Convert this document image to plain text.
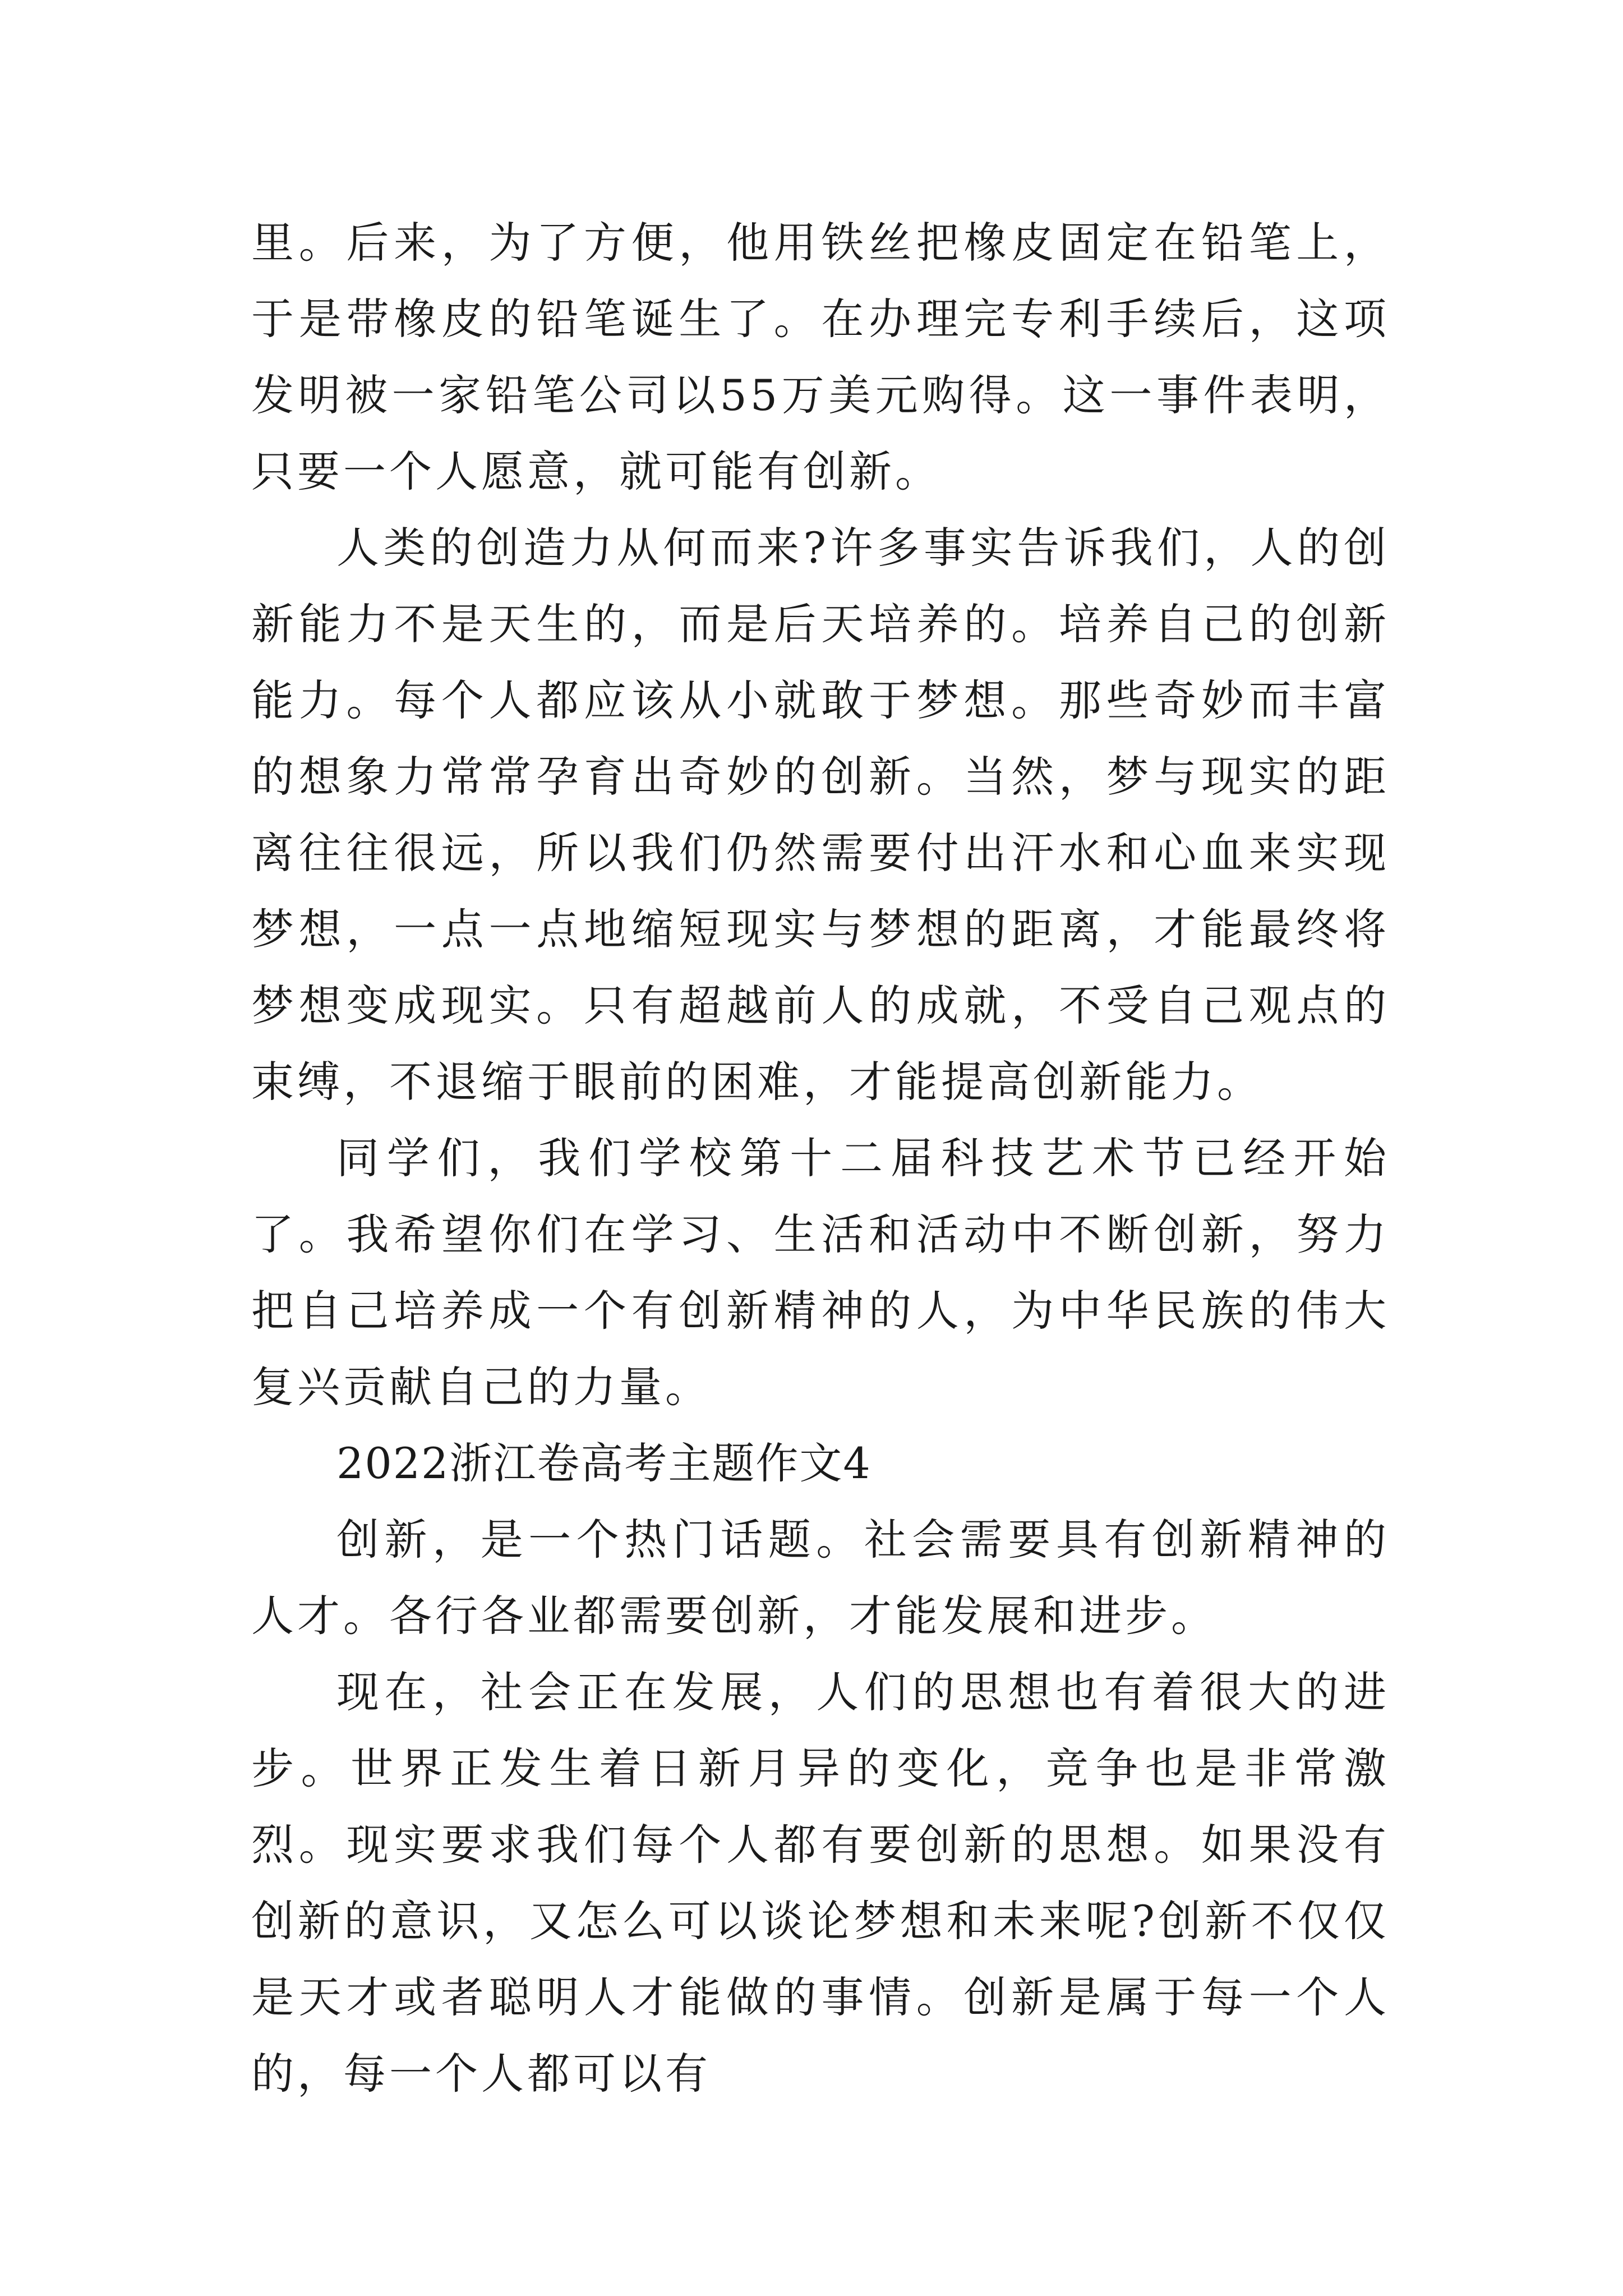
里。后来，为了方便，他用铁丝把橡皮固定在铅笔上，于是带橡皮的铅笔诞生了。在办理完专利手续后，这项发明被一家铅笔公司以55万美元购得。这一事件表明，只要一个人愿意，就可能有创新。

人类的创造力从何而来?许多事实告诉我们，人的创新能力不是天生的，而是后天培养的。培养自己的创新能力。每个人都应该从小就敢于梦想。那些奇妙而丰富的想象力常常孕育出奇妙的创新。当然，梦与现实的距离往往很远，所以我们仍然需要付出汗水和心血来实现梦想，一点一点地缩短现实与梦想的距离，才能最终将梦想变成现实。只有超越前人的成就，不受自己观点的束缚，不退缩于眼前的困难，才能提高创新能力。

同学们，我们学校第十二届科技艺术节已经开始了。我希望你们在学习、生活和活动中不断创新，努力把自己培养成一个有创新精神的人，为中华民族的伟大复兴贡献自己的力量。

2022浙江卷高考主题作文4

创新，是一个热门话题。社会需要具有创新精神的人才。各行各业都需要创新，才能发展和进步。

现在，社会正在发展，人们的思想也有着很大的进步。世界正发生着日新月异的变化，竞争也是非常激烈。现实要求我们每个人都有要创新的思想。如果没有创新的意识，又怎么可以谈论梦想和未来呢?创新不仅仅是天才或者聪明人才能做的事情。创新是属于每一个人的，每一个人都可以有
